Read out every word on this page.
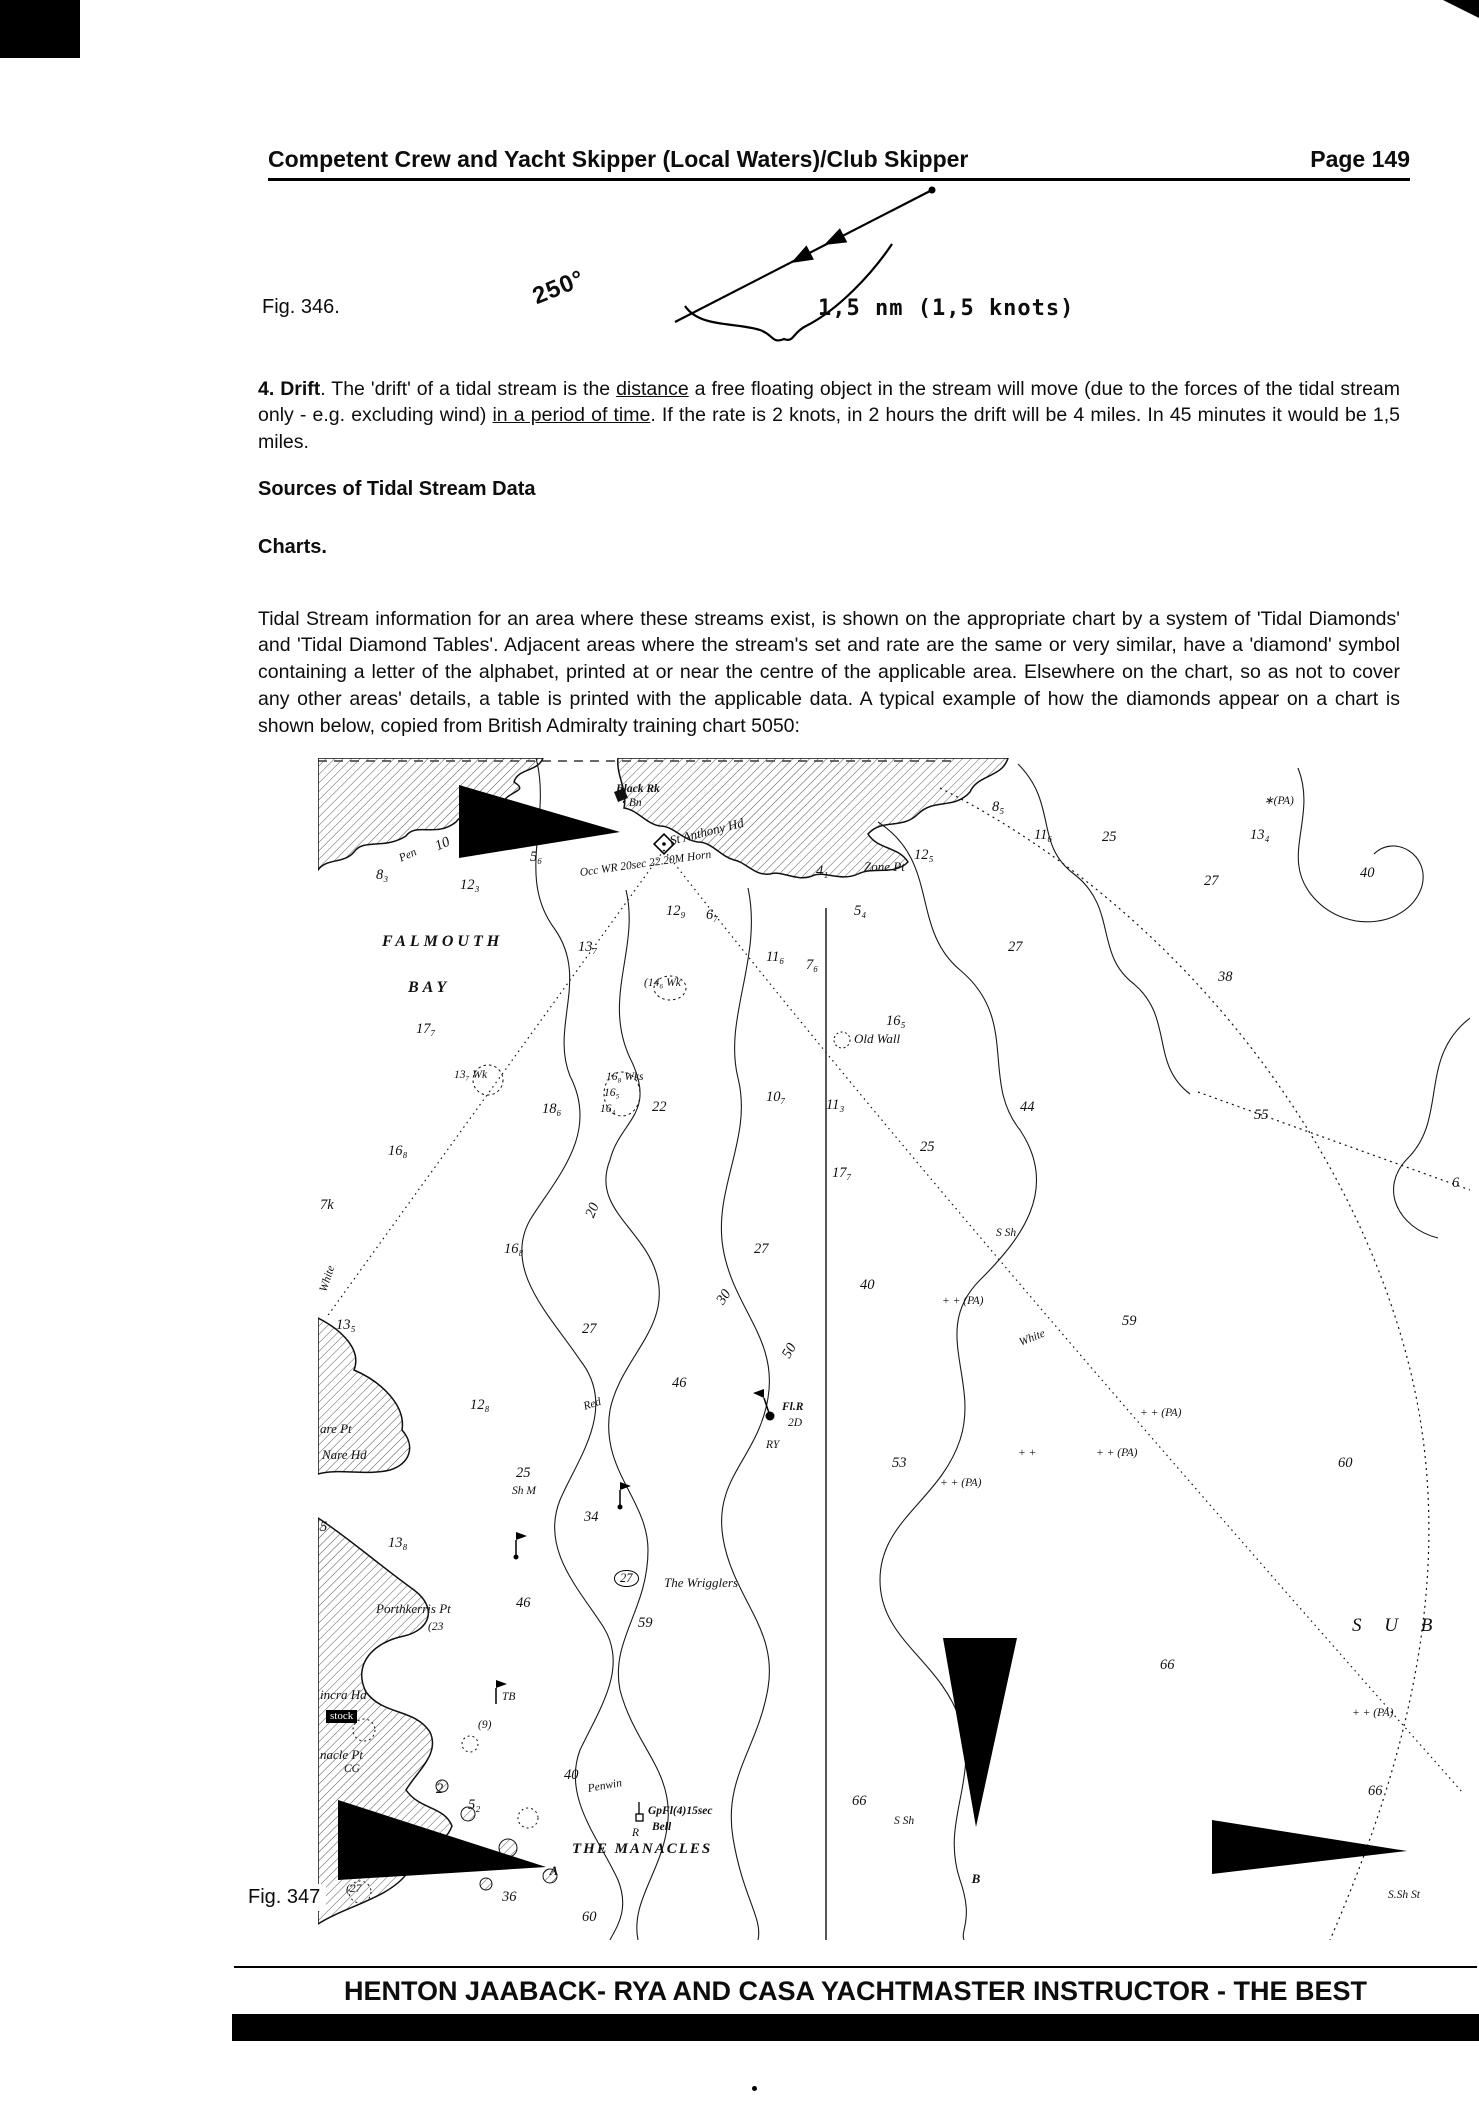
Competent Crew and Yacht Skipper (Local Waters)/Club Skipper	Page 149
Fig. 346.	250°	1,5 nm (1,5 knots)

4. Drift. The 'drift' of a tidal stream is the distance a free floating object in the stream will move (due to the forces of the tidal stream only - e.g. excluding wind) in a period of time. If the rate is 2 knots, in 2 hours the drift will be 4 miles. In 45 minutes it would be 1,5 miles.

Sources of Tidal Stream Data
Charts.

Tidal Stream information for an area where these streams exist, is shown on the appropriate chart by a system of 'Tidal Diamonds' and 'Tidal Diamond Tables'. Adjacent areas where the stream's set and rate are the same or very similar, have a 'diamond' symbol containing a letter of the alphabet, printed at or near the centre of the applicable area. Elsewhere on the chart, so as not to cover any other areas' details, a table is printed with the applicable data. A typical example of how the diamonds appear on a chart is shown below, copied from British Admiralty training chart 5050:

Black Rk
• Bn
St Anthony Hd
Occ WR 20sec 22.20M Horn	Zone Pt
4₁
8₃
Pen
10
12₃
5₆
12₉ 6₇	5₄
12₅
8₅
11₆	25	13₄
∗(PA)
40
27
FALMOUTH
BAY
13₇
11₆ 7₆
27
38
(14₆ Wk
16₅
Old Wall
17₇
13₇ Wk	16₈ Wks
16₅
16₄	22
18₆
10₇	11₃	44	55
6
16₈	25
17₇
7k
White
16₈
20
27
S Sh
40
+ + (PA)
59
13₅	27
30
50
White
46
12₈	Red	Fl.R
2D
RY
+ + (PA)
are Pt
Nare Hd
53
+ +	+ + (PA)
60
+ + (PA)
25
Sh M
34
5
13₈
27	The Wrigglers
46
Porthkerris Pt
(23	59	S U B
66
incra Hd
stock
TB
(9)
+ + (PA)
nacle Pt
CG	40
Penwin
2
5₂	GpFl(4)15sec
Bell
R
66
66
S Sh
THE MANACLES
A
B
S.Sh St
36
60
(27
Fig. 347
HENTON JAABACK- RYA AND CASA YACHTMASTER INSTRUCTOR - THE BEST
